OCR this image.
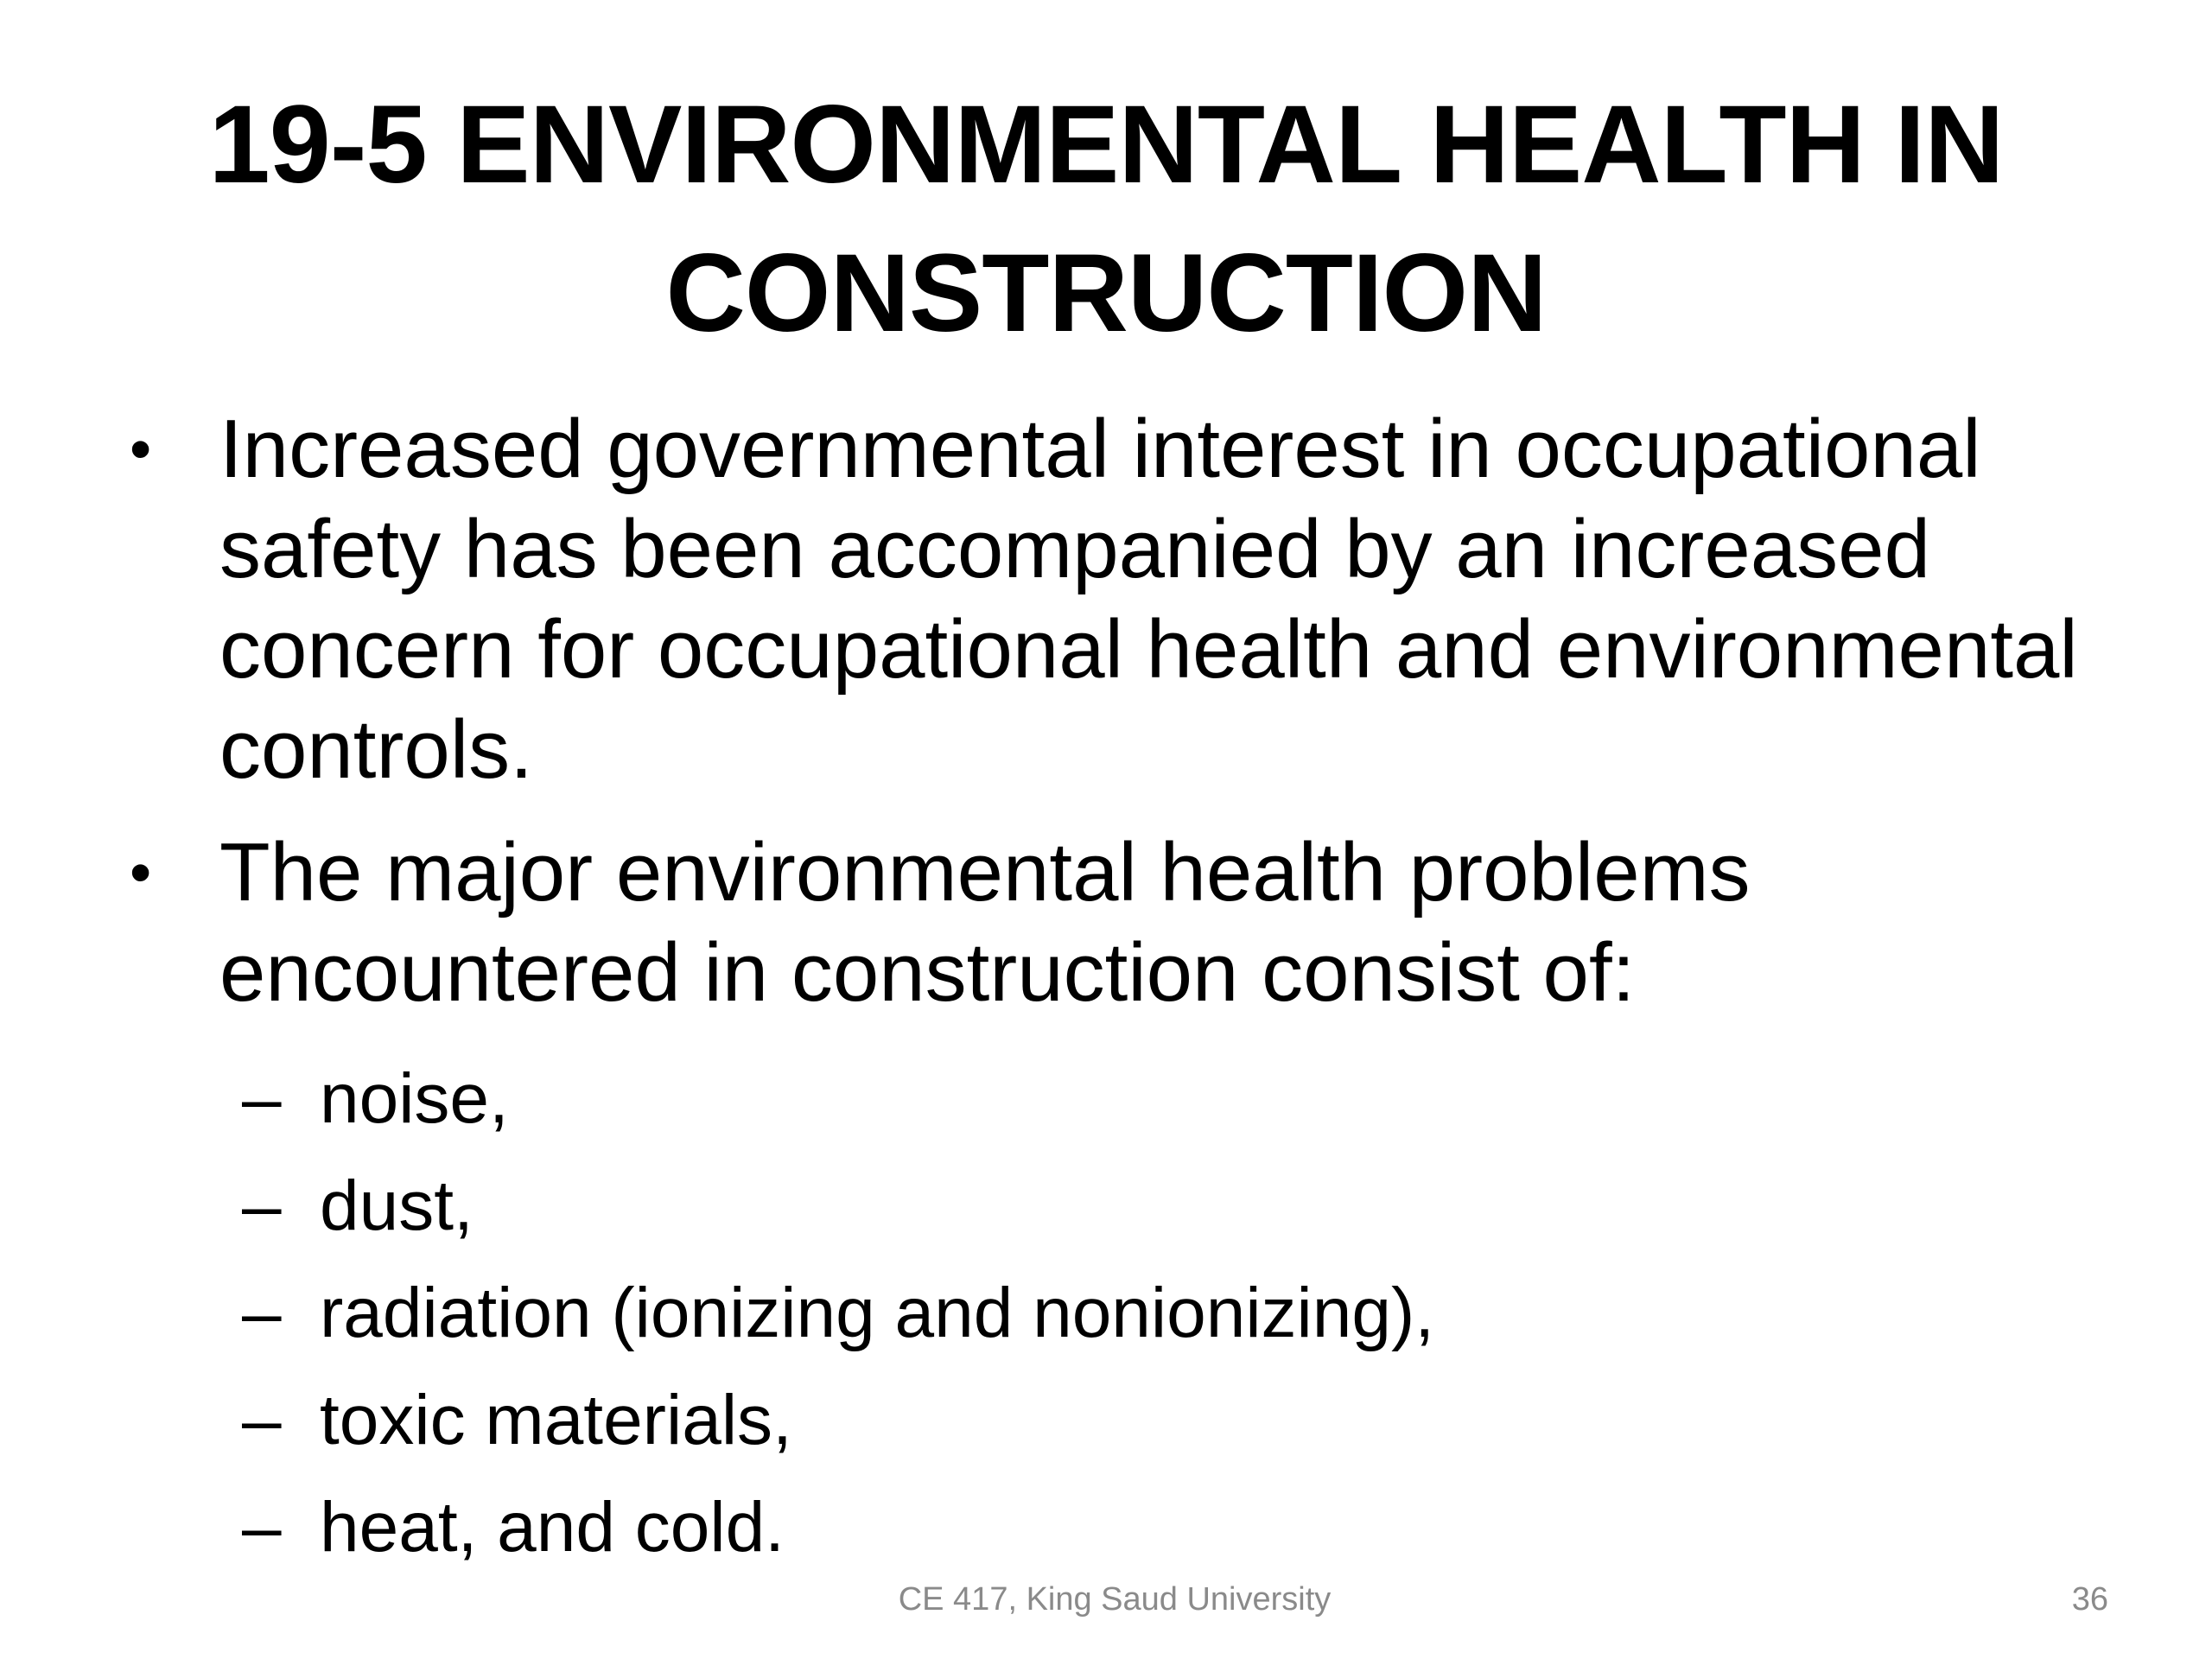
19-5 ENVIRONMENTAL HEALTH IN CONSTRUCTION
• Increased governmental interest in occupational safety has been accompanied by an increased concern for occupational health and environmental controls.
• The major environmental health problems encountered in construction consist of:
– noise,
– dust,
– radiation (ionizing and nonionizing),
– toxic materials,
– heat, and cold.
CE 417, King Saud University	36
